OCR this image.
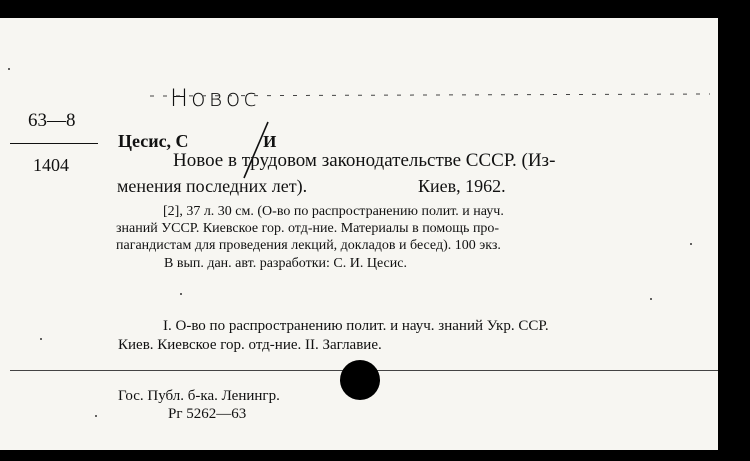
63—8
1404
Новос
Цесис, С	И
Новое в трудовом законодательстве СССР. (Из-
менения последних лет).	Киев, 1962.
[2], 37 л. 30 см. (О-во по распространению полит. и науч.
знаний УССР. Киевское гор. отд-ние. Материалы в помощь про-
пагандистам для проведения лекций, докладов и бесед). 100 экз.
В вып. дан. авт. разработки: С. И. Цесис.
I. О-во по распространению полит. и науч. знаний Укр. ССР.
Киев. Киевское гор. отд-ние. II. Заглавие.
Гос. Публ. б-ка. Ленингр.
Рг 5262—63
